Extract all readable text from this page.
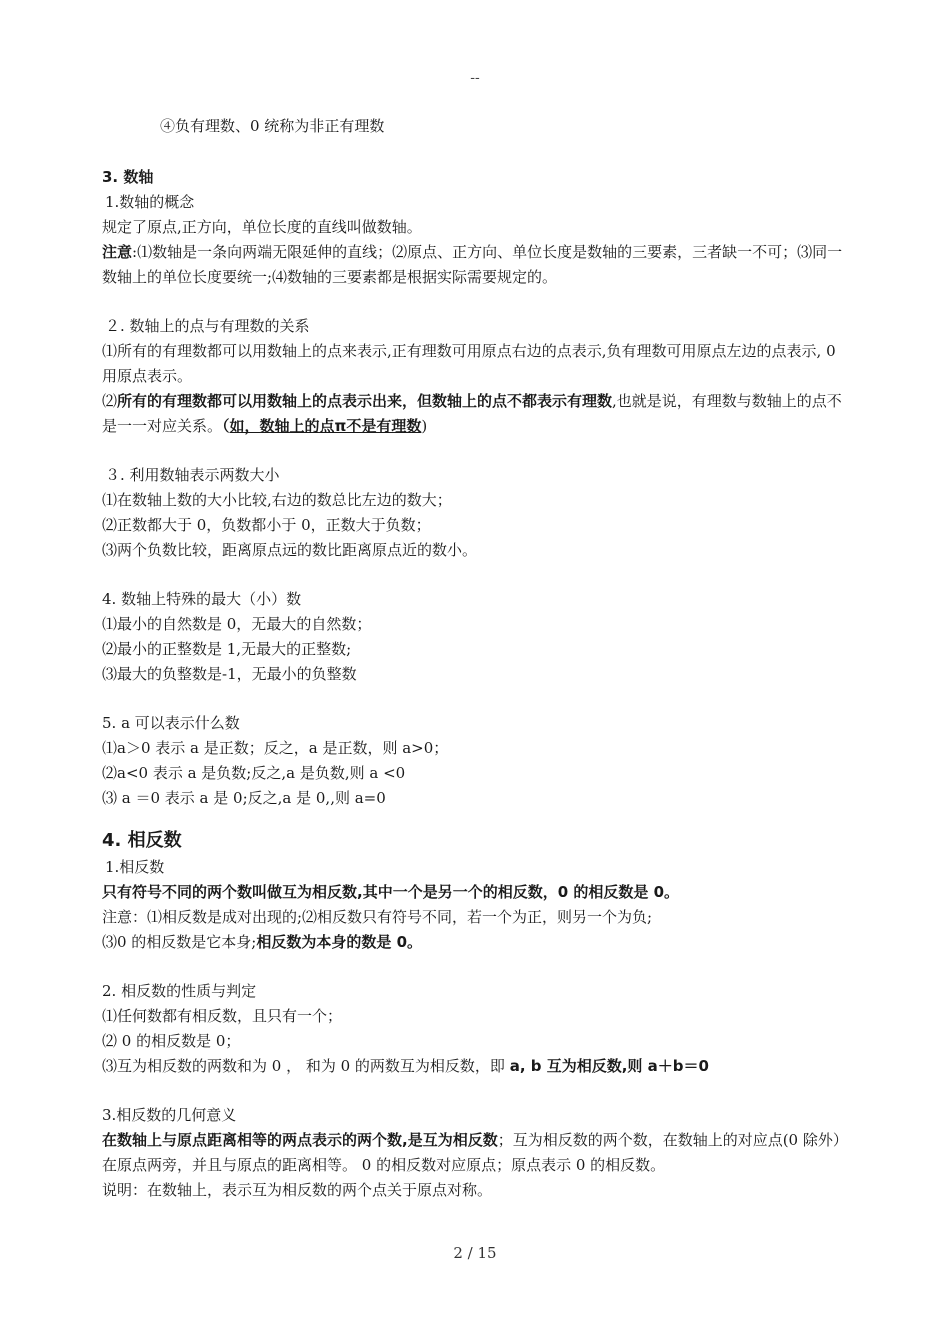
--
④负有理数、0 统称为非正有理数
3. 数轴
1.数轴的概念
规定了原点,正方向，单位长度的直线叫做数轴。
注意:⑴数轴是一条向两端无限延伸的直线；⑵原点、正方向、单位长度是数轴的三要素，三者缺一不可；⑶同一数轴上的单位长度要统一;⑷数轴的三要素都是根据实际需要规定的。
２. 数轴上的点与有理数的关系
⑴所有的有理数都可以用数轴上的点来表示,正有理数可用原点右边的点表示,负有理数可用原点左边的点表示, 0 用原点表示。
⑵所有的有理数都可以用数轴上的点表示出来，但数轴上的点不都表示有理数,也就是说，有理数与数轴上的点不是一一对应关系。（如，数轴上的点π不是有理数)
３. 利用数轴表示两数大小
⑴在数轴上数的大小比较,右边的数总比左边的数大；
⑵正数都大于 0，负数都小于 0，正数大于负数；
⑶两个负数比较，距离原点远的数比距离原点近的数小。
4. 数轴上特殊的最大（小）数
⑴最小的自然数是 0，无最大的自然数；
⑵最小的正整数是 1,无最大的正整数;
⑶最大的负整数是-1，无最小的负整数
5. a 可以表示什么数
⑴a＞0 表示 a 是正数；反之，a 是正数，则 a>0；
⑵a<0 表示 a 是负数;反之,a 是负数,则 a <0
⑶ a ＝0 表示 a 是 0;反之,a 是 0,,则 a=0
4. 相反数
1.相反数
只有符号不同的两个数叫做互为相反数,其中一个是另一个的相反数，0 的相反数是 0。
注意：⑴相反数是成对出现的;⑵相反数只有符号不同，若一个为正，则另一个为负;
⑶0 的相反数是它本身;相反数为本身的数是 0。
2. 相反数的性质与判定
⑴任何数都有相反数，且只有一个；
⑵ 0 的相反数是 0；
⑶互为相反数的两数和为 0 ， 和为 0 的两数互为相反数，即 a, b 互为相反数,则 a＋b＝0
3.相反数的几何意义
在数轴上与原点距离相等的两点表示的两个数,是互为相反数；互为相反数的两个数，在数轴上的对应点(0 除外）在原点两旁，并且与原点的距离相等。 0 的相反数对应原点；原点表示 0 的相反数。
说明：在数轴上，表示互为相反数的两个点关于原点对称。
2 / 15
